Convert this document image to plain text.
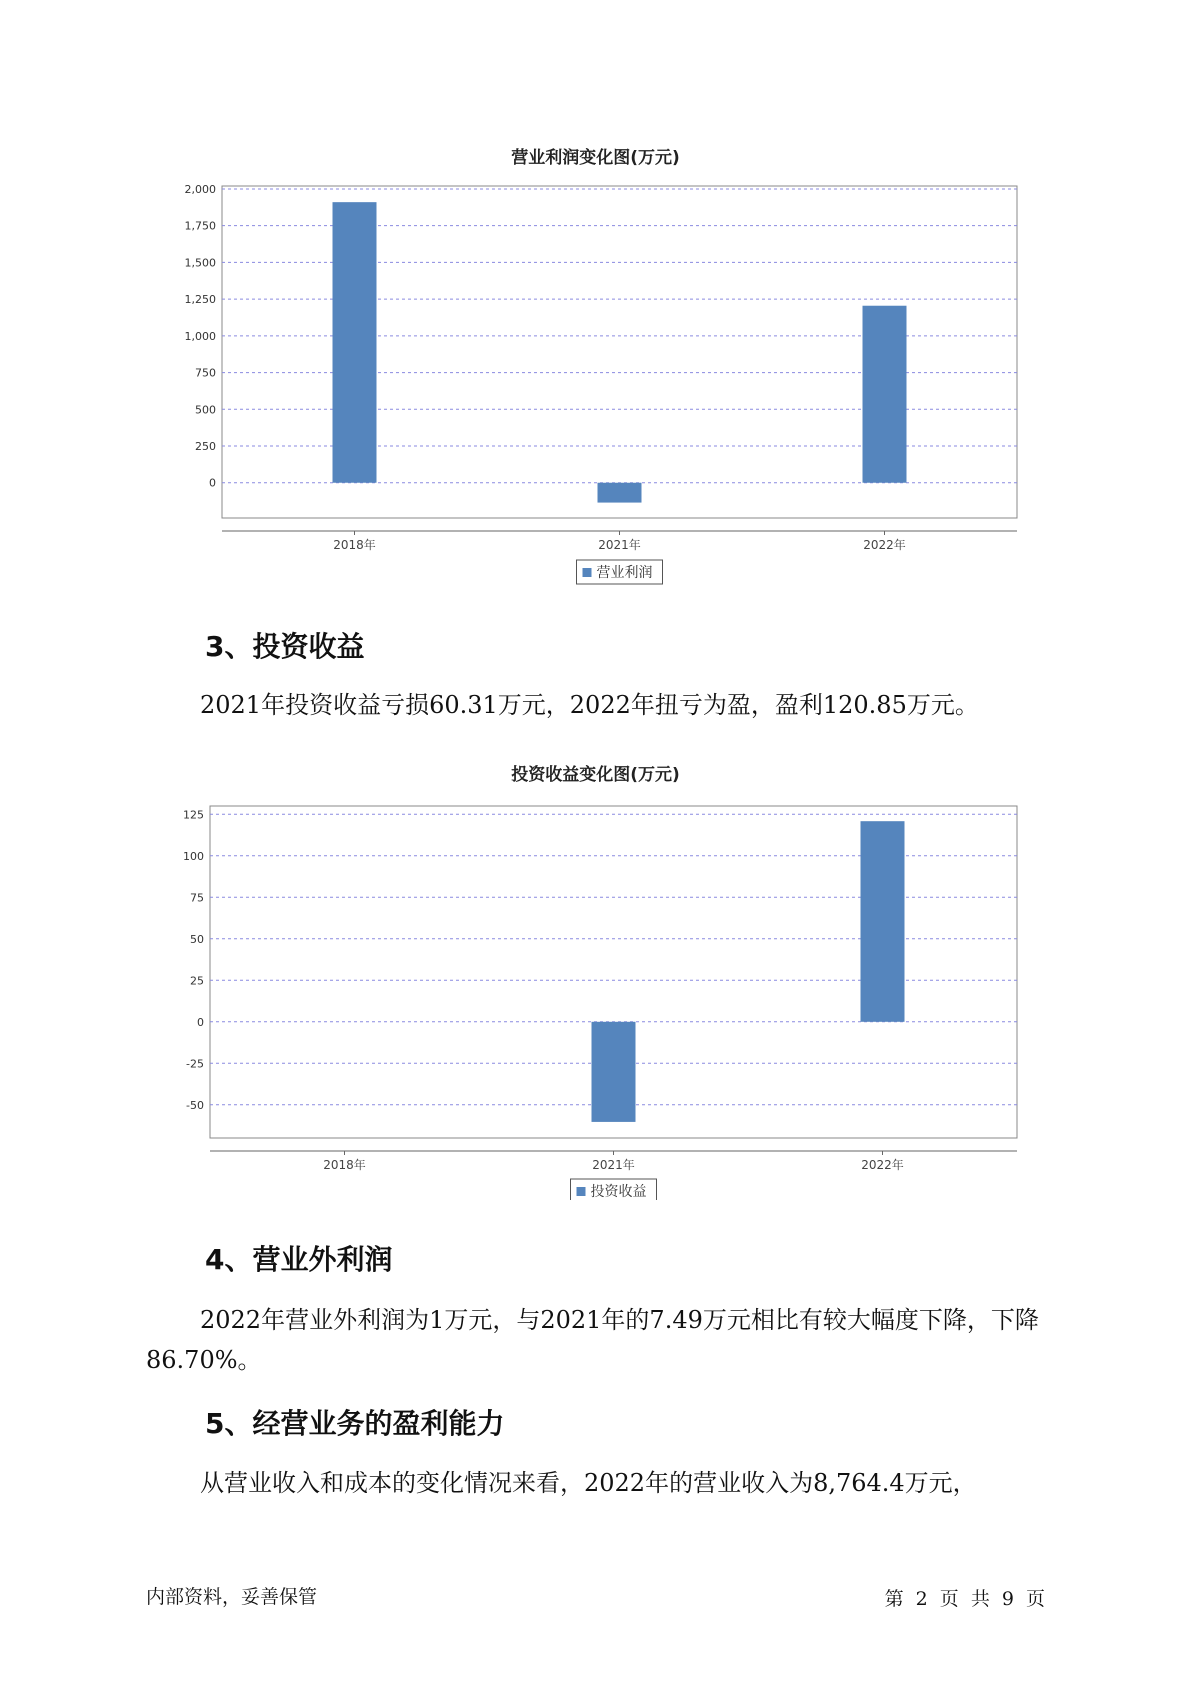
营业利润变化图(万元)
2,000
1,750
1,500
1,250
1,000
750
500
250
0
2018年	2021年	2022年
营业利润
3、投资收益

2021年投资收益亏损60.31万元，2022年扭亏为盈，盈利120.85万元。

投资收益变化图(万元)
125
100
75
50
25
0
-25
-50
2018年	2021年	2022年
投资收益
4、营业外利润

2022年营业外利润为1万元，与2021年的7.49万元相比有较大幅度下降，下降86.70%。

5、经营业务的盈利能力

从营业收入和成本的变化情况来看，2022年的营业收入为8,764.4万元，

内部资料，妥善保管	第 2 页 共 9 页
